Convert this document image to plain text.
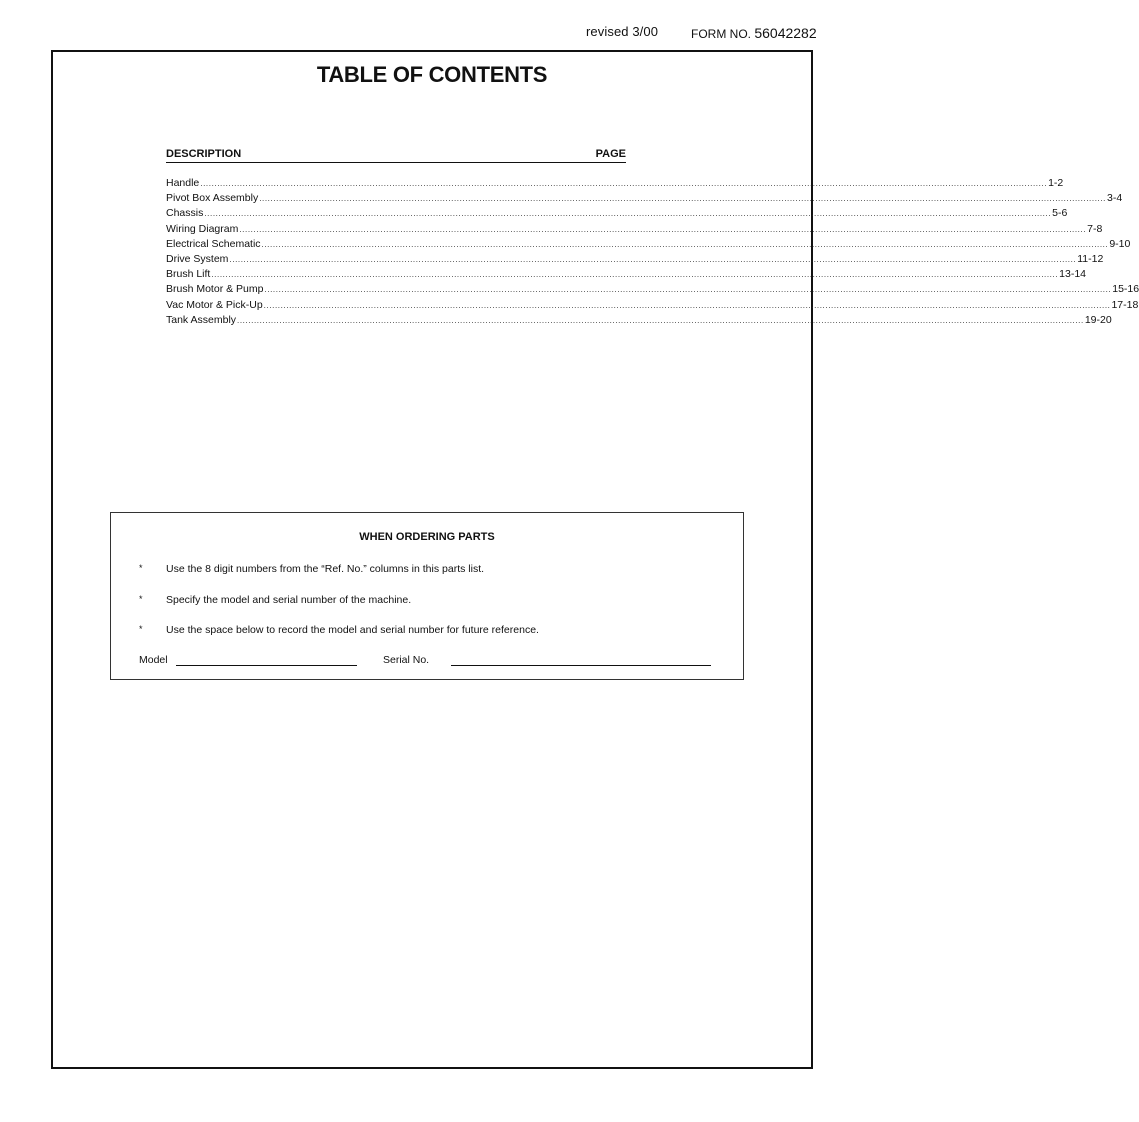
revised 3/00	FORM NO. 56042282
TABLE OF CONTENTS
DESCRIPTION	PAGE
Handle ............................................................................................................................................................................................................................................................................................................ 1-2
Pivot Box Assembly ............................................................................................................................................................................................................................................................................................................ 3-4
Chassis ............................................................................................................................................................................................................................................................................................................ 5-6
Wiring Diagram ............................................................................................................................................................................................................................................................................................................ 7-8
Electrical Schematic ............................................................................................................................................................................................................................................................................................................ 9-10
Drive System ............................................................................................................................................................................................................................................................................................................ 11-12
Brush Lift ............................................................................................................................................................................................................................................................................................................ 13-14
Brush Motor & Pump ............................................................................................................................................................................................................................................................................................................ 15-16
Vac Motor & Pick-Up ............................................................................................................................................................................................................................................................................................................ 17-18
Tank Assembly ............................................................................................................................................................................................................................................................................................................ 19-20
WHEN ORDERING PARTS
*	Use the 8 digit numbers from the “Ref. No.” columns in this parts list.
*	Specify the model and serial number of the machine.
*	Use the space below to record the model and serial number for future reference.
Model	Serial No.
